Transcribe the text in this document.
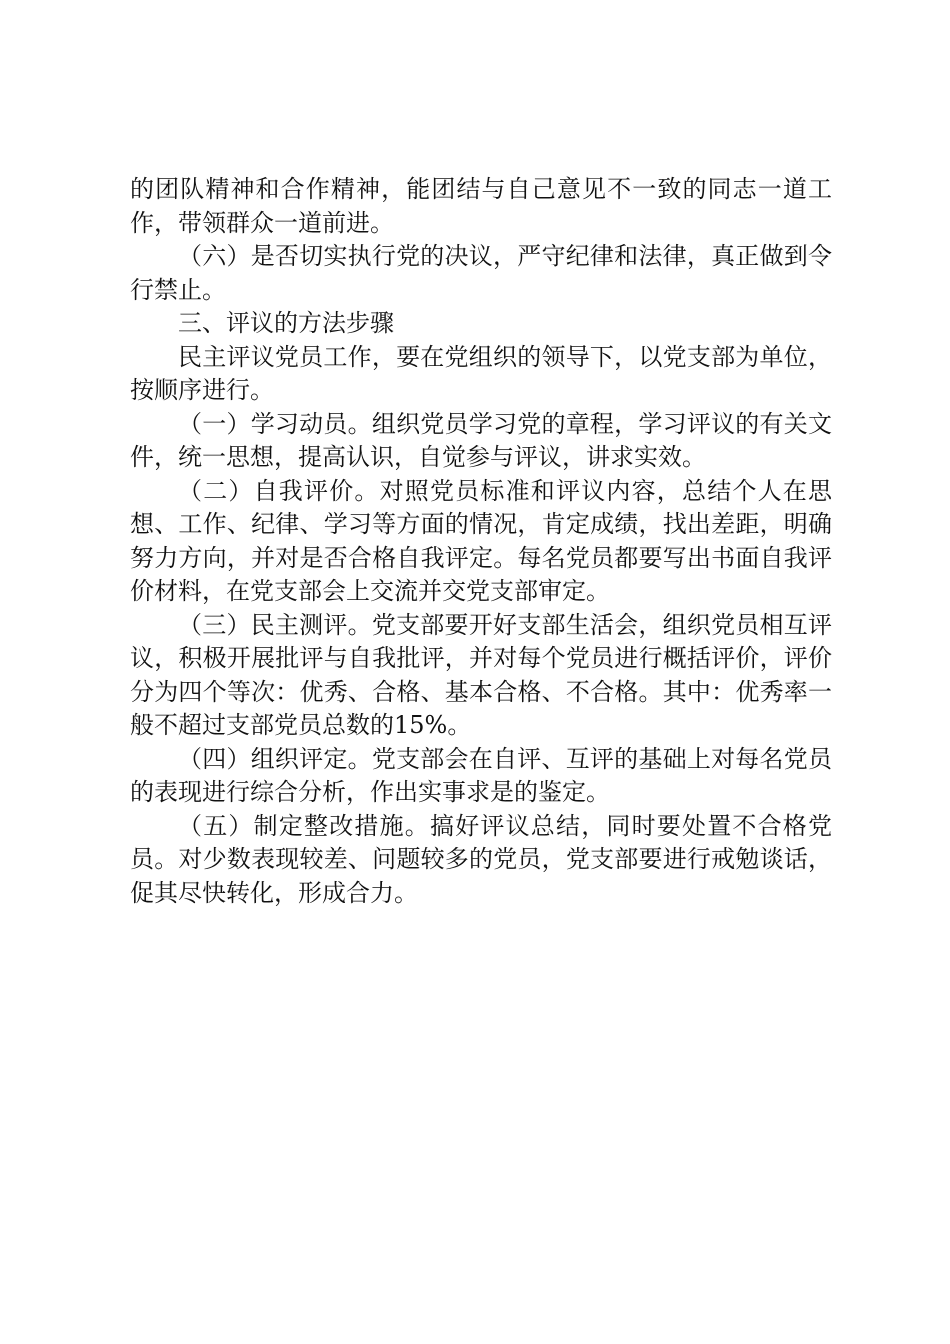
的团队精神和合作精神，能团结与自己意见不一致的同志一道工作，带领群众一道前进。

（六）是否切实执行党的决议，严守纪律和法律，真正做到令行禁止。

三、评议的方法步骤

民主评议党员工作，要在党组织的领导下，以党支部为单位，按顺序进行。

（一）学习动员。组织党员学习党的章程，学习评议的有关文件，统一思想，提高认识，自觉参与评议，讲求实效。

（二）自我评价。对照党员标准和评议内容，总结个人在思想、工作、纪律、学习等方面的情况，肯定成绩，找出差距，明确努力方向，并对是否合格自我评定。每名党员都要写出书面自我评价材料，在党支部会上交流并交党支部审定。

（三）民主测评。党支部要开好支部生活会，组织党员相互评议，积极开展批评与自我批评，并对每个党员进行概括评价，评价分为四个等次：优秀、合格、基本合格、不合格。其中：优秀率一般不超过支部党员总数的15%。

（四）组织评定。党支部会在自评、互评的基础上对每名党员的表现进行综合分析，作出实事求是的鉴定。

（五）制定整改措施。搞好评议总结，同时要处置不合格党员。对少数表现较差、问题较多的党员，党支部要进行戒勉谈话，促其尽快转化，形成合力。
